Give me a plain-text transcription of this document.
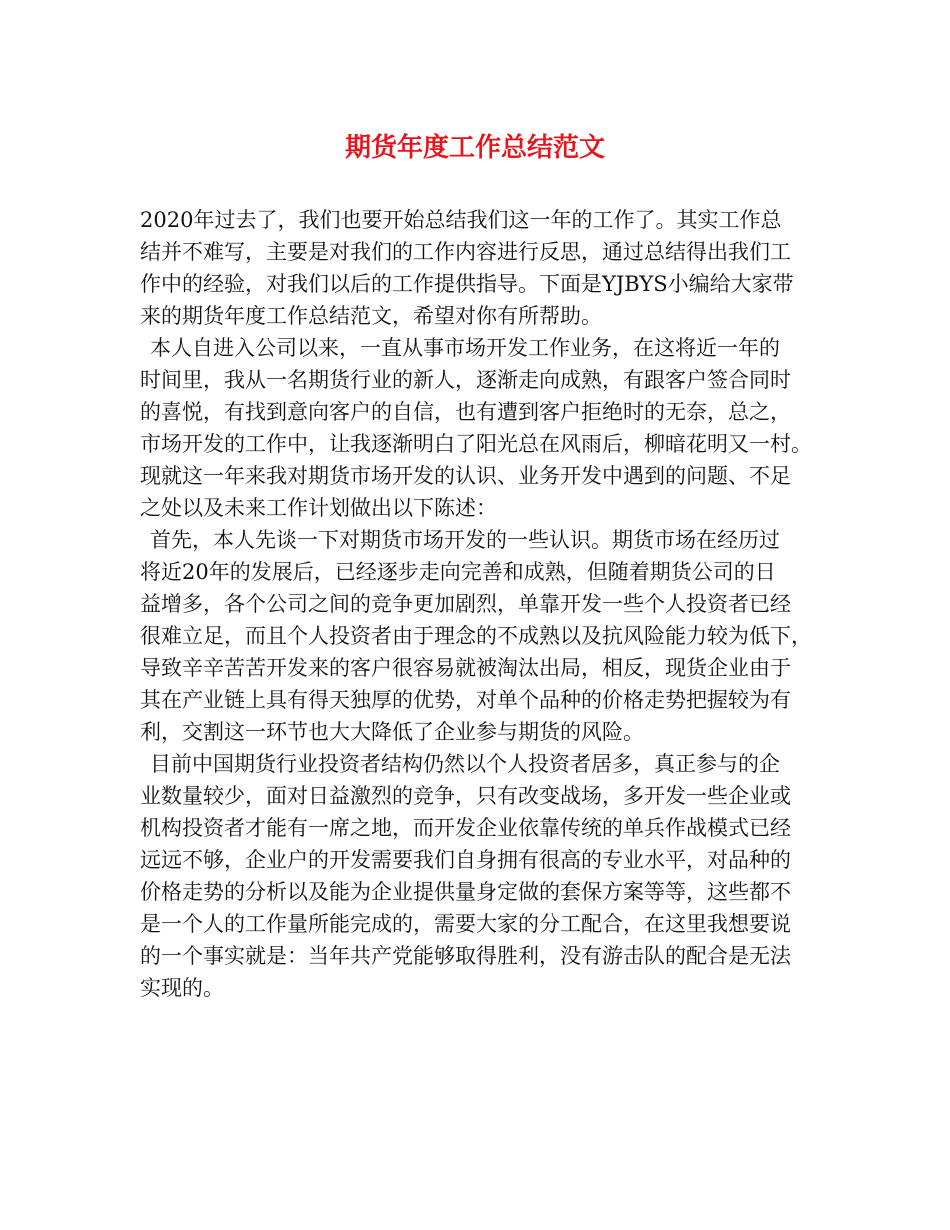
期货年度工作总结范文

2020年过去了，我们也要开始总结我们这一年的工作了。其实工作总
结并不难写，主要是对我们的工作内容进行反思，通过总结得出我们工
作中的经验，对我们以后的工作提供指导。下面是YJBYS小编给大家带
来的期货年度工作总结范文，希望对你有所帮助。

本人自进入公司以来，一直从事市场开发工作业务，在这将近一年的
时间里，我从一名期货行业的新人，逐渐走向成熟，有跟客户签合同时
的喜悦，有找到意向客户的自信，也有遭到客户拒绝时的无奈，总之，
市场开发的工作中，让我逐渐明白了阳光总在风雨后，柳暗花明又一村。
现就这一年来我对期货市场开发的认识、业务开发中遇到的问题、不足
之处以及未来工作计划做出以下陈述：

首先，本人先谈一下对期货市场开发的一些认识。期货市场在经历过
将近20年的发展后，已经逐步走向完善和成熟，但随着期货公司的日
益增多，各个公司之间的竞争更加剧烈，单靠开发一些个人投资者已经
很难立足，而且个人投资者由于理念的不成熟以及抗风险能力较为低下，
导致辛辛苦苦开发来的客户很容易就被淘汰出局，相反，现货企业由于
其在产业链上具有得天独厚的优势，对单个品种的价格走势把握较为有
利，交割这一环节也大大降低了企业参与期货的风险。

目前中国期货行业投资者结构仍然以个人投资者居多，真正参与的企
业数量较少，面对日益激烈的竞争，只有改变战场，多开发一些企业或
机构投资者才能有一席之地，而开发企业依靠传统的单兵作战模式已经
远远不够，企业户的开发需要我们自身拥有很高的专业水平，对品种的
价格走势的分析以及能为企业提供量身定做的套保方案等等，这些都不
是一个人的工作量所能完成的，需要大家的分工配合，在这里我想要说
的一个事实就是：当年共产党能够取得胜利，没有游击队的配合是无法
实现的。
